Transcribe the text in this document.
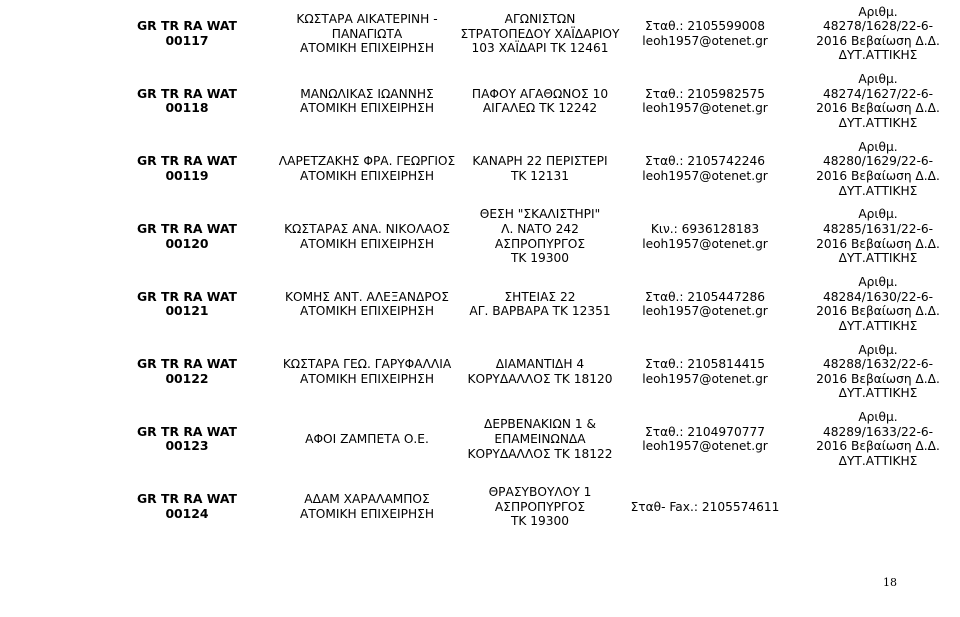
GR TR RA WAT
00117
ΚΩΣΤΑΡΑ ΑΙΚΑΤΕΡΙΝΗ -
ΠΑΝΑΓΙΩΤΑ
ΑΤΟΜΙΚΗ ΕΠΙΧΕΙΡΗΣΗ
ΑΓΩΝΙΣΤΩΝ
ΣΤΡΑΤΟΠΕΔΟΥ ΧΑΪΔΑΡΙΟΥ
103 ΧΑΪΔΑΡΙ ΤΚ 12461
Σταθ.: 2105599008
leoh1957@otenet.gr
Αριθμ.
48278/1628/22-6-
2016 Βεβαίωση Δ.Δ.
ΔΥΤ.ΑΤΤΙΚΗΣ
GR TR RA WAT
00118
ΜΑΝΩΛΙΚΑΣ ΙΩΑΝΝΗΣ
ΑΤΟΜΙΚΗ ΕΠΙΧΕΙΡΗΣΗ
ΠΑΦΟΥ ΑΓΑΘΩΝΟΣ 10
ΑΙΓΑΛΕΩ ΤΚ 12242
Σταθ.: 2105982575
leoh1957@otenet.gr
Αριθμ.
48274/1627/22-6-
2016 Βεβαίωση Δ.Δ.
ΔΥΤ.ΑΤΤΙΚΗΣ
GR TR RA WAT
00119
ΛΑΡΕΤΖΑΚΗΣ ΦΡΑ. ΓΕΩΡΓΙΟΣ
ΑΤΟΜΙΚΗ ΕΠΙΧΕΙΡΗΣΗ
ΚΑΝΑΡΗ 22 ΠΕΡΙΣΤΕΡΙ
ΤΚ 12131
Σταθ.: 2105742246
leoh1957@otenet.gr
Αριθμ.
48280/1629/22-6-
2016 Βεβαίωση Δ.Δ.
ΔΥΤ.ΑΤΤΙΚΗΣ
GR TR RA WAT
00120
ΚΩΣΤΑΡΑΣ ΑΝΑ. ΝΙΚΟΛΑΟΣ
ΑΤΟΜΙΚΗ ΕΠΙΧΕΙΡΗΣΗ
ΘΕΣΗ "ΣΚΑΛΙΣΤΗΡΙ"
Λ. ΝΑΤΟ 242
ΑΣΠΡΟΠΥΡΓΟΣ
ΤΚ 19300
Κιν.: 6936128183
leoh1957@otenet.gr
Αριθμ.
48285/1631/22-6-
2016 Βεβαίωση Δ.Δ.
ΔΥΤ.ΑΤΤΙΚΗΣ
GR TR RA WAT
00121
ΚΟΜΗΣ ΑΝΤ. ΑΛΕΞΑΝΔΡΟΣ
ΑΤΟΜΙΚΗ ΕΠΙΧΕΙΡΗΣΗ
ΣΗΤΕΙΑΣ 22
ΑΓ. ΒΑΡΒΑΡΑ ΤΚ 12351
Σταθ.: 2105447286
leoh1957@otenet.gr
Αριθμ.
48284/1630/22-6-
2016 Βεβαίωση Δ.Δ.
ΔΥΤ.ΑΤΤΙΚΗΣ
GR TR RA WAT
00122
ΚΩΣΤΑΡΑ ΓΕΩ. ΓΑΡΥΦΑΛΛΙΑ
ΑΤΟΜΙΚΗ ΕΠΙΧΕΙΡΗΣΗ
ΔΙΑΜΑΝΤΙΔΗ 4
ΚΟΡΥΔΑΛΛΟΣ ΤΚ 18120
Σταθ.: 2105814415
leoh1957@otenet.gr
Αριθμ.
48288/1632/22-6-
2016 Βεβαίωση Δ.Δ.
ΔΥΤ.ΑΤΤΙΚΗΣ
GR TR RA WAT
00123	ΑΦΟΙ ΖΑΜΠΕΤΑ Ο.Ε.
ΔΕΡΒΕΝΑΚΙΩΝ 1 &
ΕΠΑΜΕΙΝΩΝΔΑ
ΚΟΡΥΔΑΛΛΟΣ ΤΚ 18122
Σταθ.: 2104970777
leoh1957@otenet.gr
Αριθμ.
48289/1633/22-6-
2016 Βεβαίωση Δ.Δ.
ΔΥΤ.ΑΤΤΙΚΗΣ
GR TR RA WAT
00124
ΑΔΑΜ ΧΑΡΑΛΑΜΠΟΣ
ΑΤΟΜΙΚΗ ΕΠΙΧΕΙΡΗΣΗ
ΘΡΑΣΥΒΟΥΛΟΥ 1
ΑΣΠΡΟΠΥΡΓΟΣ
ΤΚ 19300
Σταθ- Fax.: 2105574611
18
